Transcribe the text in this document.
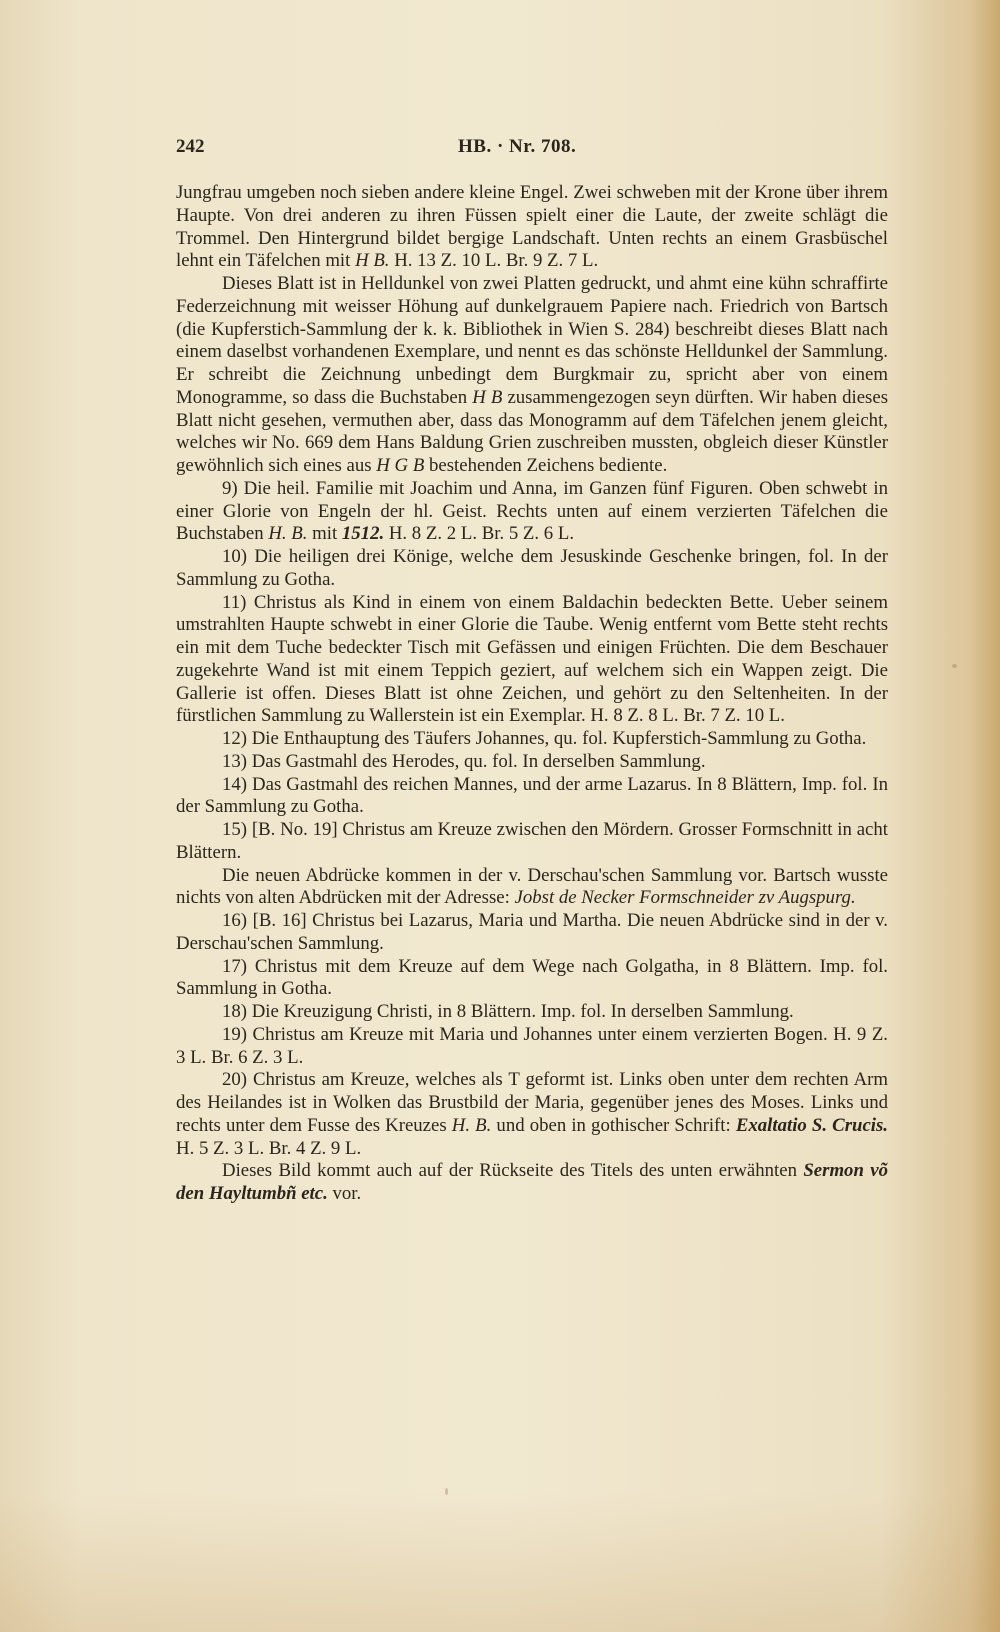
242	HB. · Nr. 708.

Jungfrau umgeben noch sieben andere kleine Engel. Zwei schweben mit der Krone über ihrem Haupte. Von drei anderen zu ihren Füssen spielt einer die Laute, der zweite schlägt die Trommel. Den Hintergrund bildet bergige Landschaft. Unten rechts an einem Grasbüschel lehnt ein Täfelchen mit H B. H. 13 Z. 10 L. Br. 9 Z. 7 L.

Dieses Blatt ist in Helldunkel von zwei Platten gedruckt, und ahmt eine kühn schraffirte Federzeichnung mit weisser Höhung auf dunkelgrauem Papiere nach. Friedrich von Bartsch (die Kupferstich-Sammlung der k. k. Bibliothek in Wien S. 284) beschreibt dieses Blatt nach einem daselbst vorhandenen Exemplare, und nennt es das schönste Helldunkel der Sammlung. Er schreibt die Zeichnung unbedingt dem Burgkmair zu, spricht aber von einem Monogramme, so dass die Buchstaben H B zusammengezogen seyn dürften. Wir haben dieses Blatt nicht gesehen, vermuthen aber, dass das Monogramm auf dem Täfelchen jenem gleicht, welches wir No. 669 dem Hans Baldung Grien zuschreiben mussten, obgleich dieser Künstler gewöhnlich sich eines aus H G B bestehenden Zeichens bediente.

9) Die heil. Familie mit Joachim und Anna, im Ganzen fünf Figuren. Oben schwebt in einer Glorie von Engeln der hl. Geist. Rechts unten auf einem verzierten Täfelchen die Buchstaben H. B. mit 1512. H. 8 Z. 2 L. Br. 5 Z. 6 L.

10) Die heiligen drei Könige, welche dem Jesuskinde Geschenke bringen, fol. In der Sammlung zu Gotha.

11) Christus als Kind in einem von einem Baldachin bedeckten Bette. Ueber seinem umstrahlten Haupte schwebt in einer Glorie die Taube. Wenig entfernt vom Bette steht rechts ein mit dem Tuche bedeckter Tisch mit Gefässen und einigen Früchten. Die dem Beschauer zugekehrte Wand ist mit einem Teppich geziert, auf welchem sich ein Wappen zeigt. Die Gallerie ist offen. Dieses Blatt ist ohne Zeichen, und gehört zu den Seltenheiten. In der fürstlichen Sammlung zu Wallerstein ist ein Exemplar. H. 8 Z. 8 L. Br. 7 Z. 10 L.

12) Die Enthauptung des Täufers Johannes, qu. fol. Kupferstich-Sammlung zu Gotha.

13) Das Gastmahl des Herodes, qu. fol. In derselben Sammlung.

14) Das Gastmahl des reichen Mannes, und der arme Lazarus. In 8 Blättern, Imp. fol. In der Sammlung zu Gotha.

15) [B. No. 19] Christus am Kreuze zwischen den Mördern. Grosser Formschnitt in acht Blättern.

Die neuen Abdrücke kommen in der v. Derschau'schen Sammlung vor. Bartsch wusste nichts von alten Abdrücken mit der Adresse: Jobst de Necker Formschneider zv Augspurg.

16) [B. 16] Christus bei Lazarus, Maria und Martha. Die neuen Abdrücke sind in der v. Derschau'schen Sammlung.

17) Christus mit dem Kreuze auf dem Wege nach Golgatha, in 8 Blättern. Imp. fol. Sammlung in Gotha.

18) Die Kreuzigung Christi, in 8 Blättern. Imp. fol. In derselben Sammlung.

19) Christus am Kreuze mit Maria und Johannes unter einem verzierten Bogen. H. 9 Z. 3 L. Br. 6 Z. 3 L.

20) Christus am Kreuze, welches als T geformt ist. Links oben unter dem rechten Arm des Heilandes ist in Wolken das Brustbild der Maria, gegenüber jenes des Moses. Links und rechts unter dem Fusse des Kreuzes H. B. und oben in gothischer Schrift: Exaltatio S. Crucis. H. 5 Z. 3 L. Br. 4 Z. 9 L.

Dieses Bild kommt auch auf der Rückseite des Titels des unten erwähnten Sermon võ den Hayltumbñ etc. vor.
